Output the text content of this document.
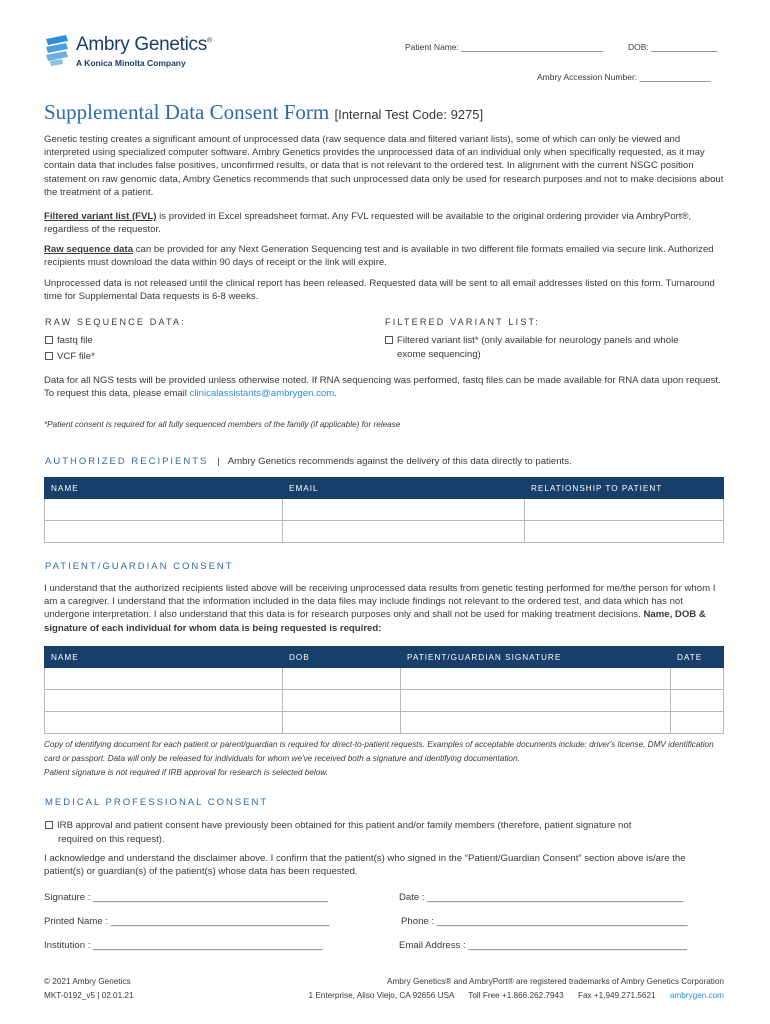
Ambry Genetics®
A Konica Minolta Company
Patient Name: ______________________________	DOB: ______________
Ambry Accession Number: _______________
Supplemental Data Consent Form [Internal Test Code: 9275]

Genetic testing creates a significant amount of unprocessed data (raw sequence data and filtered variant lists), some of which can only be viewed and interpreted using specialized computer software. Ambry Genetics provides the unprocessed data of an individual only when specifically requested, as it may contain data that includes false positives, unconfirmed results, or data that is not relevant to the ordered test. In alignment with the current NSGC position statement on raw genomic data, Ambry Genetics recommends that such unprocessed data only be used for research purposes and not to make decisions about the treatment of a patient.

Filtered variant list (FVL) is provided in Excel spreadsheet format. Any FVL requested will be available to the original ordering provider via AmbryPort®, regardless of the requestor.

Raw sequence data can be provided for any Next Generation Sequencing test and is available in two different file formats emailed via secure link. Authorized recipients must download the data within 90 days of receipt or the link will expire.

Unprocessed data is not released until the clinical report has been released. Requested data will be sent to all email addresses listed on this form. Turnaround time for Supplemental Data requests is 6-8 weeks.

RAW SEQUENCE DATA:
fastq file
VCF file*
FILTERED VARIANT LIST:
Filtered variant list* (only available for neurology panels and whole
exome sequencing)

Data for all NGS tests will be provided unless otherwise noted. If RNA sequencing was performed, fastq files can be made available for RNA data upon request. To request this data, please email clinicalassistants@ambrygen.com.

*Patient consent is required for all fully sequenced members of the family (if applicable) for release

AUTHORIZED RECIPIENTS | Ambry Genetics recommends against the delivery of this data directly to patients.
NAME	EMAIL	RELATIONSHIP TO PATIENT

PATIENT/GUARDIAN CONSENT

I understand that the authorized recipients listed above will be receiving unprocessed data results from genetic testing performed for me/the person for whom I am a caregiver. I understand that the information included in the data files may include findings not relevant to the ordered test, and data which has not undergone interpretation. I also understand that this data is for research purposes only and shall not be used for making treatment decisions. Name, DOB & signature of each individual for whom data is being requested is required:

NAME	DOB	PATIENT/GUARDIAN SIGNATURE	DATE

Copy of identifying document for each patient or parent/guardian is required for direct-to-patient requests. Examples of acceptable documents include: driver's license, DMV identification card or passport. Data will only be released for individuals for whom we've received both a signature and identifying documentation.

Patient signature is not required if IRB approval for research is selected below.

MEDICAL PROFESSIONAL CONSENT
IRB approval and patient consent have previously been obtained for this patient and/or family members (therefore, patient signature not
required on this request).

I acknowledge and understand the disclaimer above. I confirm that the patient(s) who signed in the “Patient/Guardian Consent” section above is/are the patient(s) or guardian(s) of the patient(s) whose data has been requested.

Signature : ____________________________________________	Date : ________________________________________________
Printed Name : _________________________________________	Phone : _______________________________________________
Institution : ___________________________________________	Email Address : _________________________________________
© 2021 Ambry Genetics
MKT-0192_v5 | 02.01.21
Ambry Genetics® and AmbryPort® are registered trademarks of Ambry Genetics Corporation
1 Enterprise, Aliso Viejo, CA 92656 USA Toll Free +1.866.262.7943 Fax +1.949.271.5621 ambrygen.com
